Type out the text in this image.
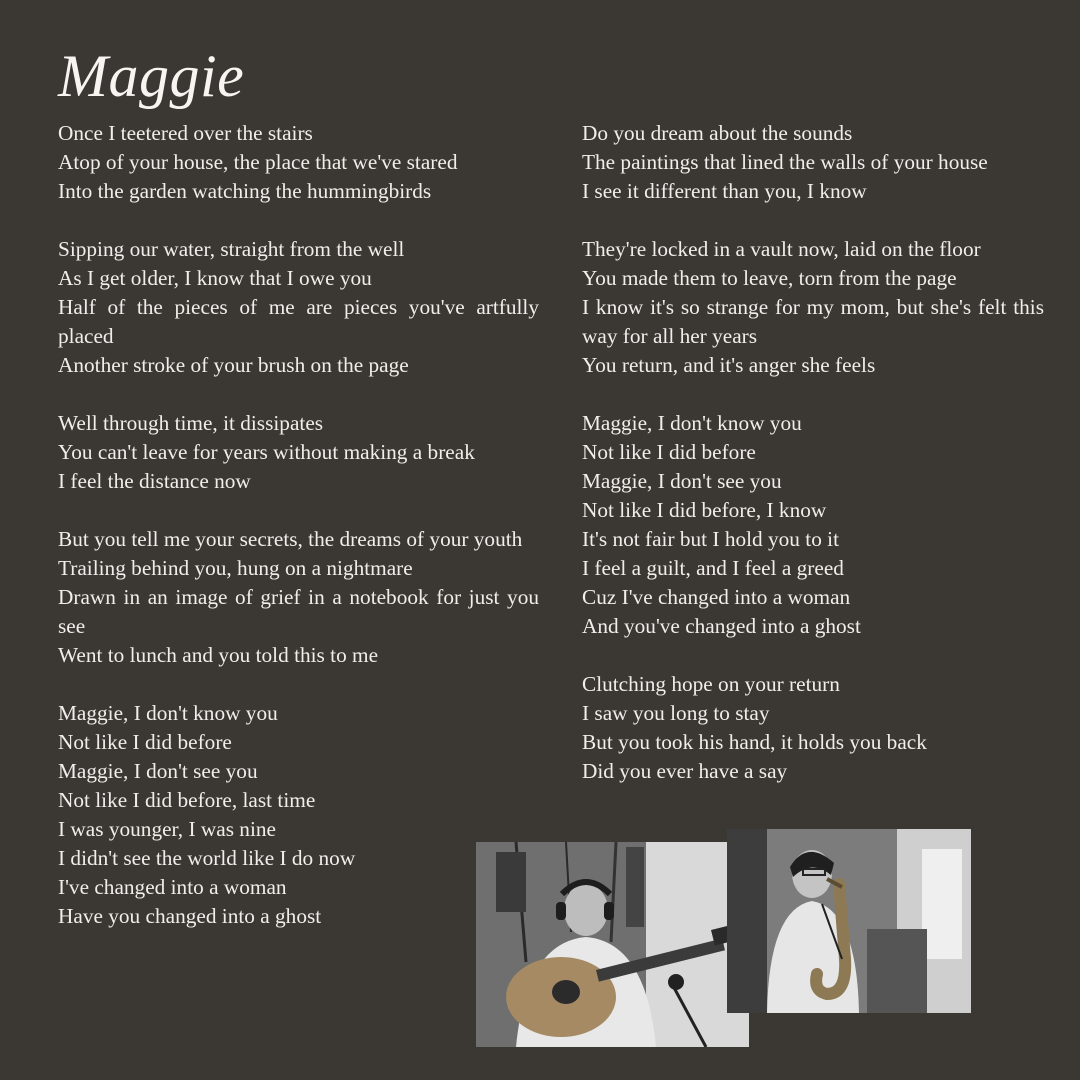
Maggie
Once I teetered over the stairs
Atop of your house, the place that we've stared
Into the garden watching the hummingbirds
Sipping our water, straight from the well
As I get older, I know that I owe you
Half of the pieces of me are pieces you've artfully placed
Another stroke of your brush on the page
Well through time, it dissipates
You can't leave for years without making a break
I feel the distance now
But you tell me your secrets, the dreams of your youth
Trailing behind you, hung on a nightmare
Drawn in an image of grief in a notebook for just you see
Went to lunch and you told this to me
Maggie, I don't know you
Not like I did before
Maggie, I don't see you
Not like I did before, last time
I was younger, I was nine
I didn't see the world like I do now
I've changed into a woman
Have you changed into a ghost
Do you dream about the sounds
The paintings that lined the walls of your house
I see it different than you, I know
They're locked in a vault now, laid on the floor
You made them to leave, torn from the page
I know it's so strange for my mom, but she's felt this way for all her years
You return, and it's anger she feels
Maggie, I don't know you
Not like I did before
Maggie, I don't see you
Not like I did before, I know
It's not fair but I hold you to it
I feel a guilt, and I feel a greed
Cuz I've changed into a woman
And you've changed into a ghost
Clutching hope on your return
I saw you long to stay
But you took his hand, it holds you back
Did you ever have a say
